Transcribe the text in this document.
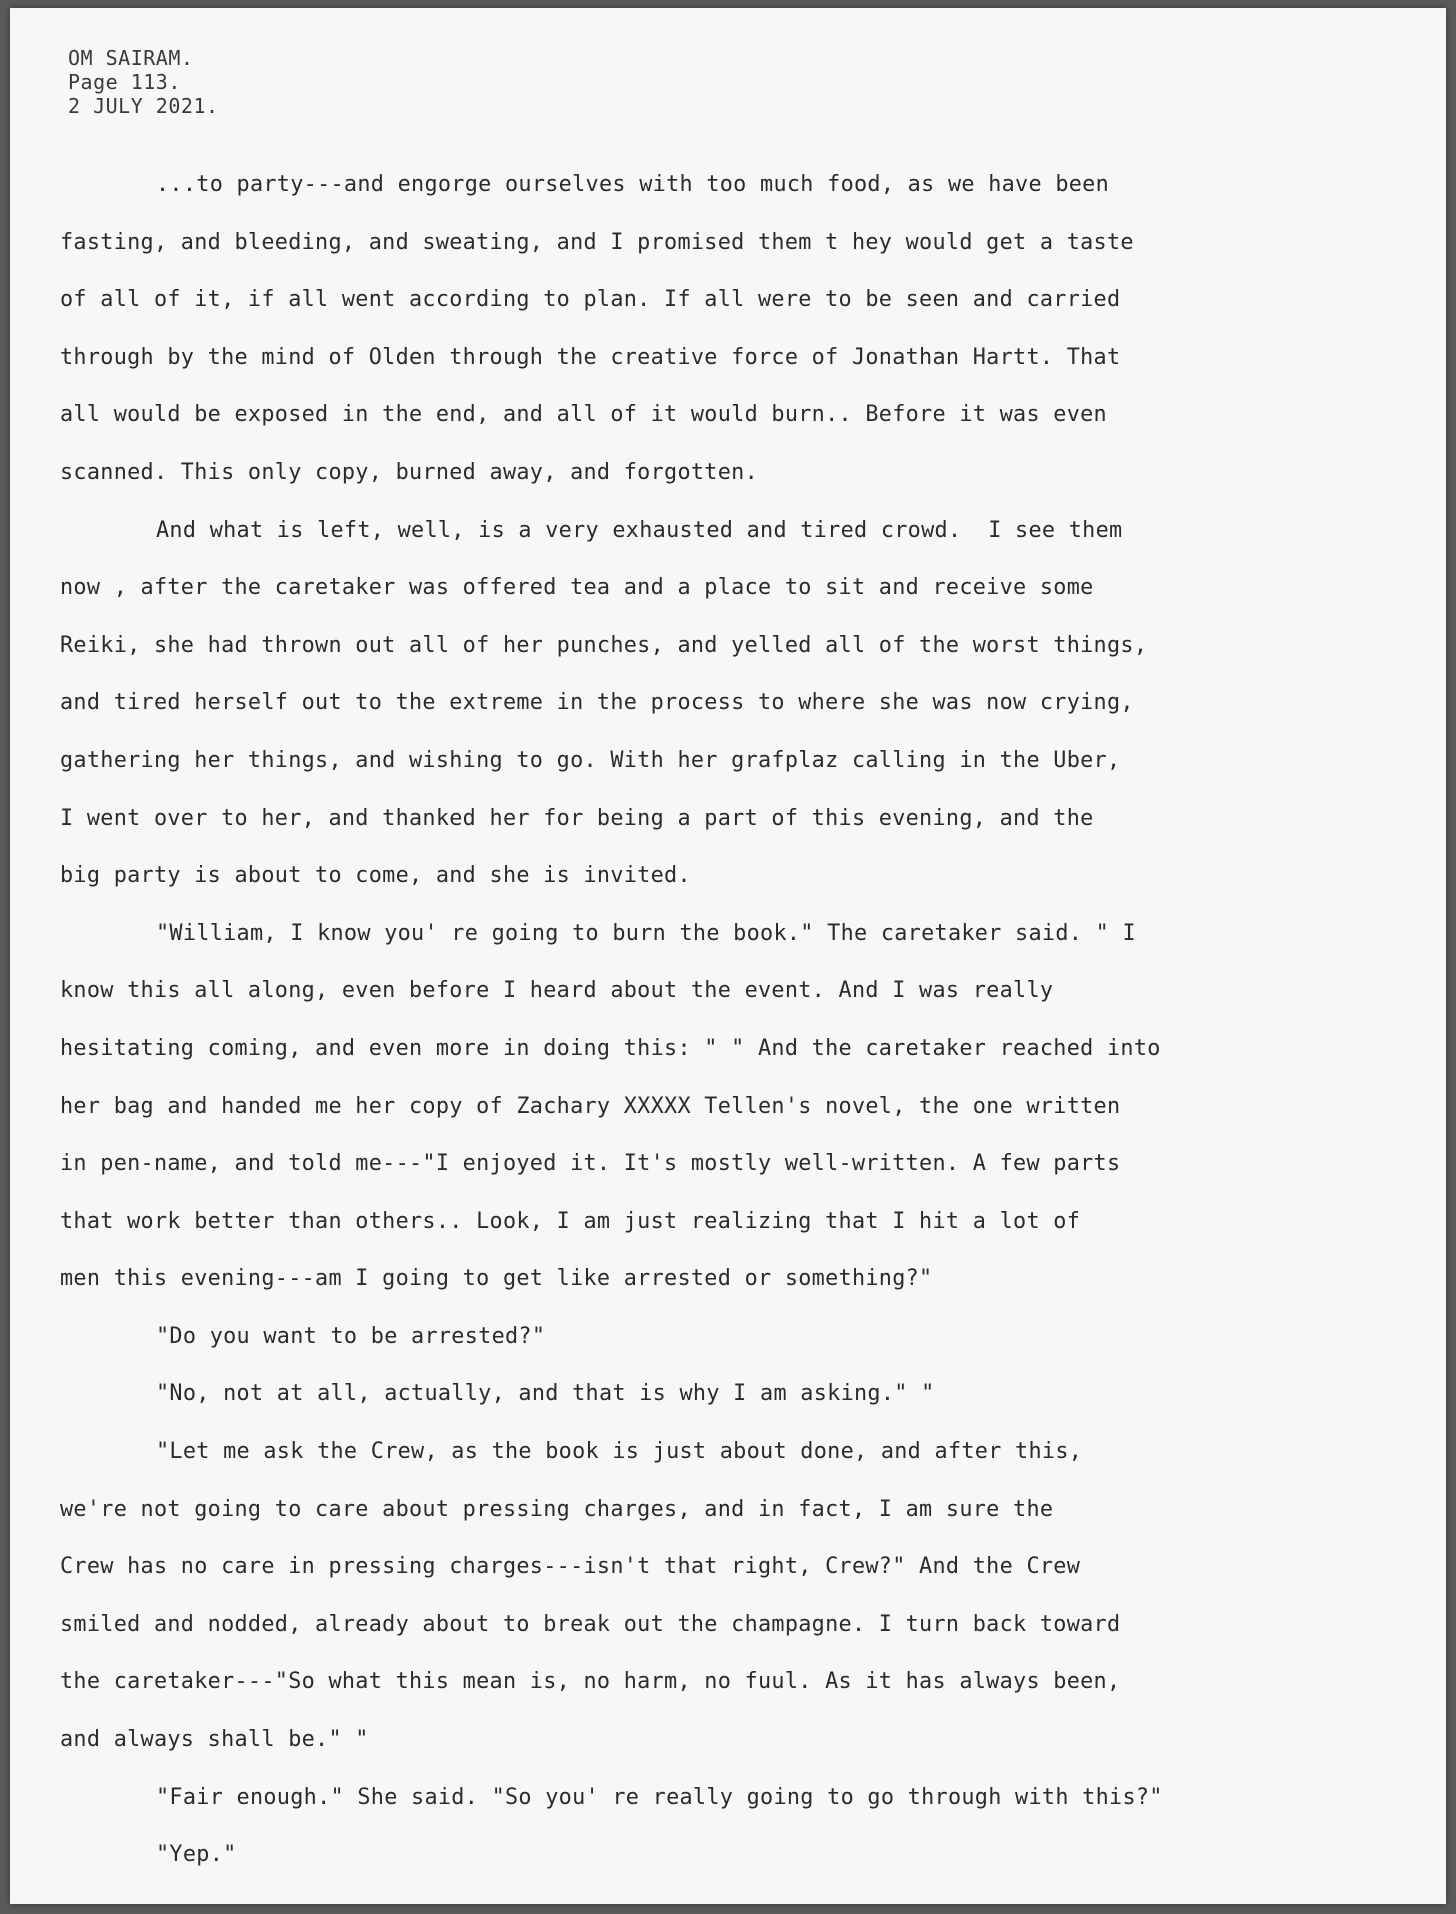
OM SAIRAM.
Page 113.
2 JULY 2021.
...to party---and engorge ourselves with too much food, as we have been
fasting, and bleeding, and sweating, and I promised them t hey would get a taste
of all of it, if all went according to plan. If all were to be seen and carried
through by the mind of Olden through the creative force of Jonathan Hartt. That
all would be exposed in the end, and all of it would burn.. Before it was even
scanned. This only copy, burned away, and forgotten.
And what is left, well, is a very exhausted and tired crowd.  I see them
now , after the caretaker was offered tea and a place to sit and receive some
Reiki, she had thrown out all of her punches, and yelled all of the worst things,
and tired herself out to the extreme in the process to where she was now crying,
gathering her things, and wishing to go. With her grafplaz calling in the Uber,
I went over to her, and thanked her for being a part of this evening, and the
big party is about to come, and she is invited.
"William, I know you' re going to burn the book." The caretaker said. " I
know this all along, even before I heard about the event. And I was really
hesitating coming, and even more in doing this: " " And the caretaker reached into
her bag and handed me her copy of Zachary XXXXX Tellen's novel, the one written
in pen-name, and told me---"I enjoyed it. It's mostly well-written. A few parts
that work better than others.. Look, I am just realizing that I hit a lot of
men this evening---am I going to get like arrested or something?"
"Do you want to be arrested?"
"No, not at all, actually, and that is why I am asking." "
"Let me ask the Crew, as the book is just about done, and after this,
we're not going to care about pressing charges, and in fact, I am sure the
Crew has no care in pressing charges---isn't that right, Crew?" And the Crew
smiled and nodded, already about to break out the champagne. I turn back toward
the caretaker---"So what this mean is, no harm, no fuul. As it has always been,
and always shall be." "
"Fair enough." She said. "So you' re really going to go through with this?"
"Yep."
